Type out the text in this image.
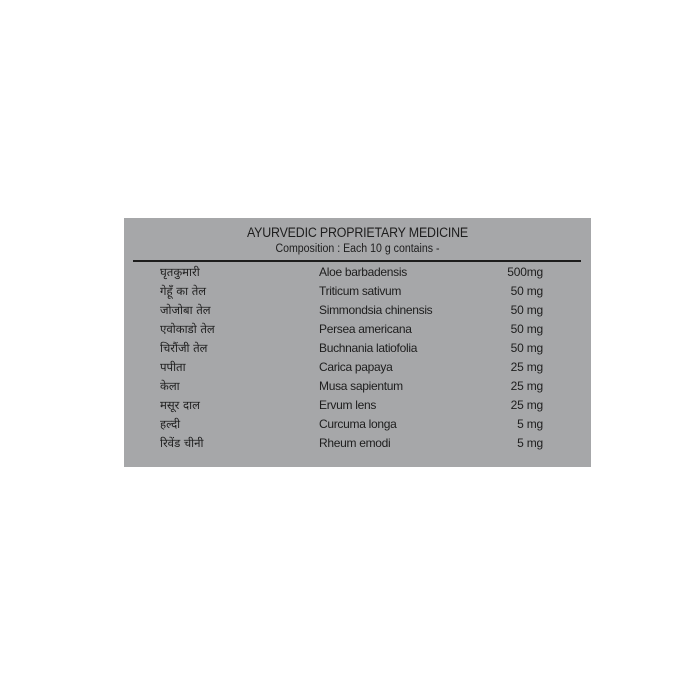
AYURVEDIC PROPRIETARY MEDICINE
Composition : Each 10 g contains -
घृतकुमारी	Aloe barbadensis	500mg
गेहूँ का तेल	Triticum sativum	50 mg
जोजोबा तेल	Simmondsia chinensis	50 mg
एवोकाडो तेल	Persea americana	50 mg
चिरौंजी तेल	Buchnania latiofolia	50 mg
पपीता	Carica papaya	25 mg
केला	Musa sapientum	25 mg
मसूर दाल	Ervum lens	25 mg
हल्दी	Curcuma longa	5 mg
रिवेंड चीनी	Rheum emodi	5 mg
